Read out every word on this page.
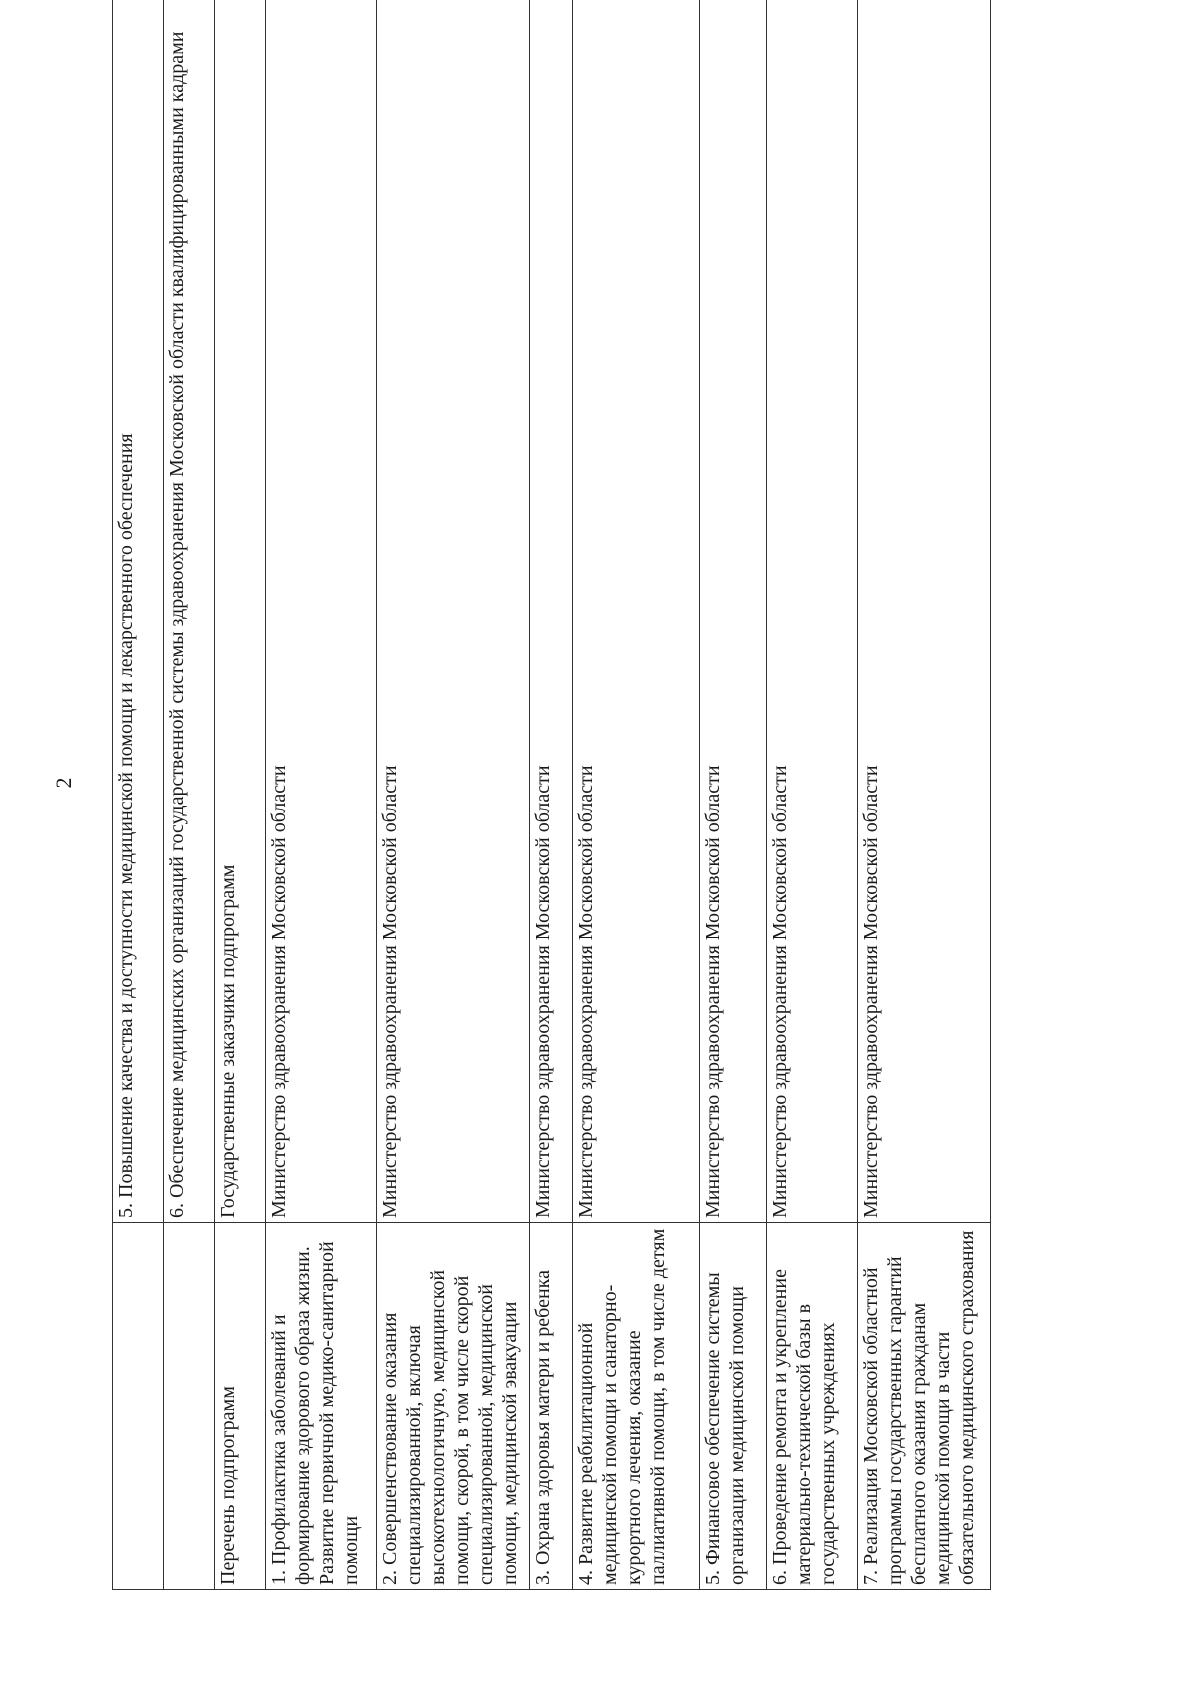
2
	5. Повышение качества и доступности медицинской помощи и лекарственного обеспечения
	6. Обеспечение медицинских организаций государственной системы здравоохранения Московской области квалифицированными кадрами
Перечень подпрограмм	Государственные заказчики подпрограмм
1. Профилактика заболеваний и формирование здорового образа жизни. Развитие первичной медико-санитарной помощи	Министерство здравоохранения Московской области
2. Совершенствование оказания специализированной, включая высокотехнологичную, медицинской помощи, скорой, в том числе скорой специализированной, медицинской помощи, медицинской эвакуации	Министерство здравоохранения Московской области
3. Охрана здоровья матери и ребенка	Министерство здравоохранения Московской области
4. Развитие реабилитационной медицинской помощи и санаторно-курортного лечения, оказание паллиативной помощи, в том числе детям	Министерство здравоохранения Московской области
5. Финансовое обеспечение системы организации медицинской помощи	Министерство здравоохранения Московской области
6. Проведение ремонта и укрепление материально-технической базы в государственных учреждениях	Министерство здравоохранения Московской области
7. Реализация Московской областной программы государственных гарантий бесплатного оказания гражданам медицинской помощи в части обязательного медицинского страхования	Министерство здравоохранения Московской области
